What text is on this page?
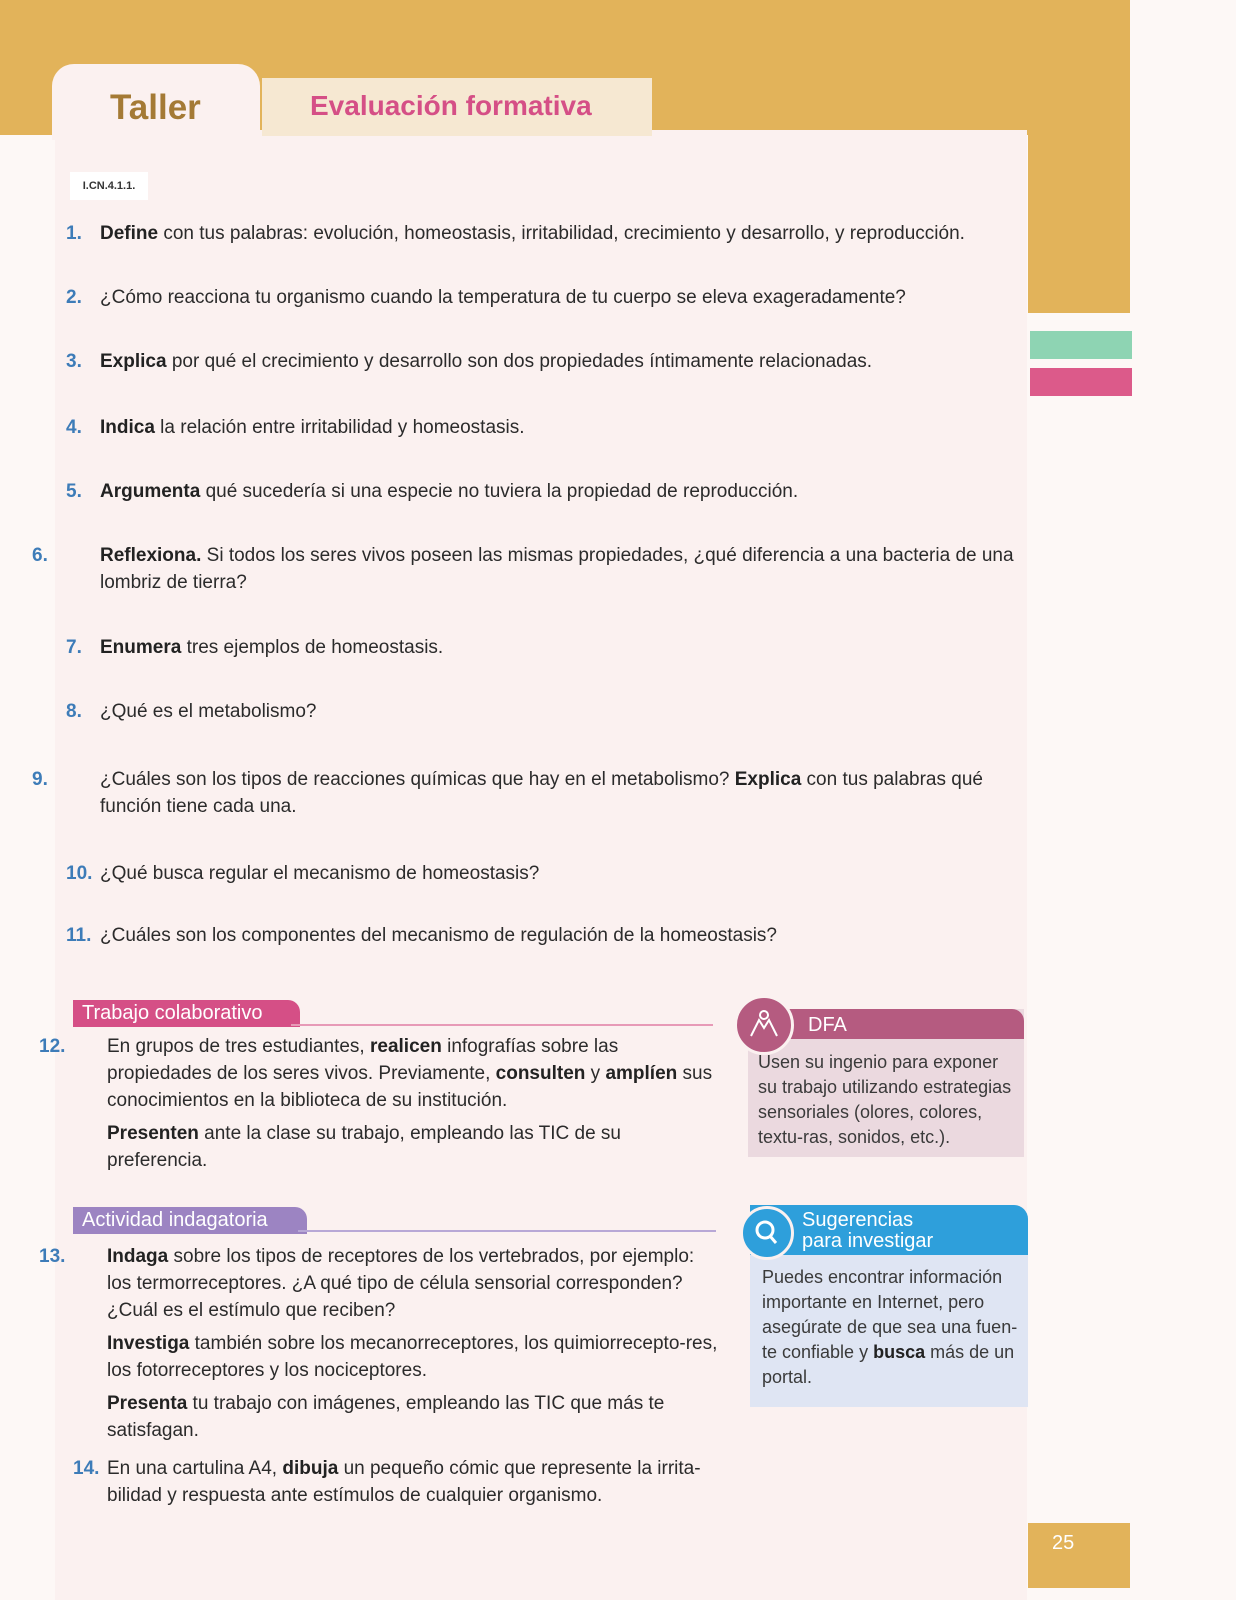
Taller	Evaluación formativa
I.CN.4.1.1.
1. Define con tus palabras: evolución, homeostasis, irritabilidad, crecimiento y desarrollo, y reproducción.
2. ¿Cómo reacciona tu organismo cuando la temperatura de tu cuerpo se eleva exageradamente?
3. Explica por qué el crecimiento y desarrollo son dos propiedades íntimamente relacionadas.
4. Indica la relación entre irritabilidad y homeostasis.
5. Argumenta qué sucedería si una especie no tuviera la propiedad de reproducción.
6.	Reflexiona. Si todos los seres vivos poseen las mismas propiedades, ¿qué diferencia a una bacteria de una lombriz de tierra?
7. Enumera tres ejemplos de homeostasis.
8. ¿Qué es el metabolismo?
9.	¿Cuáles son los tipos de reacciones químicas que hay en el metabolismo? Explica con tus palabras qué función tiene cada una.
10. ¿Qué busca regular el mecanismo de homeostasis?
11. ¿Cuáles son los componentes del mecanismo de regulación de la homeostasis?
Trabajo colaborativo
12. En grupos de tres estudiantes, realicen infografías sobre las propiedades de los seres vivos. Previamente, consulten y amplíen sus conocimientos en la biblioteca de su institución.
Presenten ante la clase su trabajo, empleando las TIC de su preferencia.
DFA
Usen su ingenio para exponer su trabajo utilizando estrategias sensoriales (olores, colores, textu-ras, sonidos, etc.).
Actividad indagatoria
13. Indaga sobre los tipos de receptores de los vertebrados, por ejemplo: los termorreceptores. ¿A qué tipo de célula sensorial corresponden? ¿Cuál es el estímulo que reciben?
Investiga también sobre los mecanorreceptores, los quimiorrecepto-res, los fotorreceptores y los nociceptores.
Presenta tu trabajo con imágenes, empleando las TIC que más te satisfagan.
14. En una cartulina A4, dibuja un pequeño cómic que represente la irrita-bilidad y respuesta ante estímulos de cualquier organismo.
Sugerencias
para investigar
Puedes encontrar información importante en Internet, pero asegúrate de que sea una fuen-te confiable y busca más de un portal.
25
